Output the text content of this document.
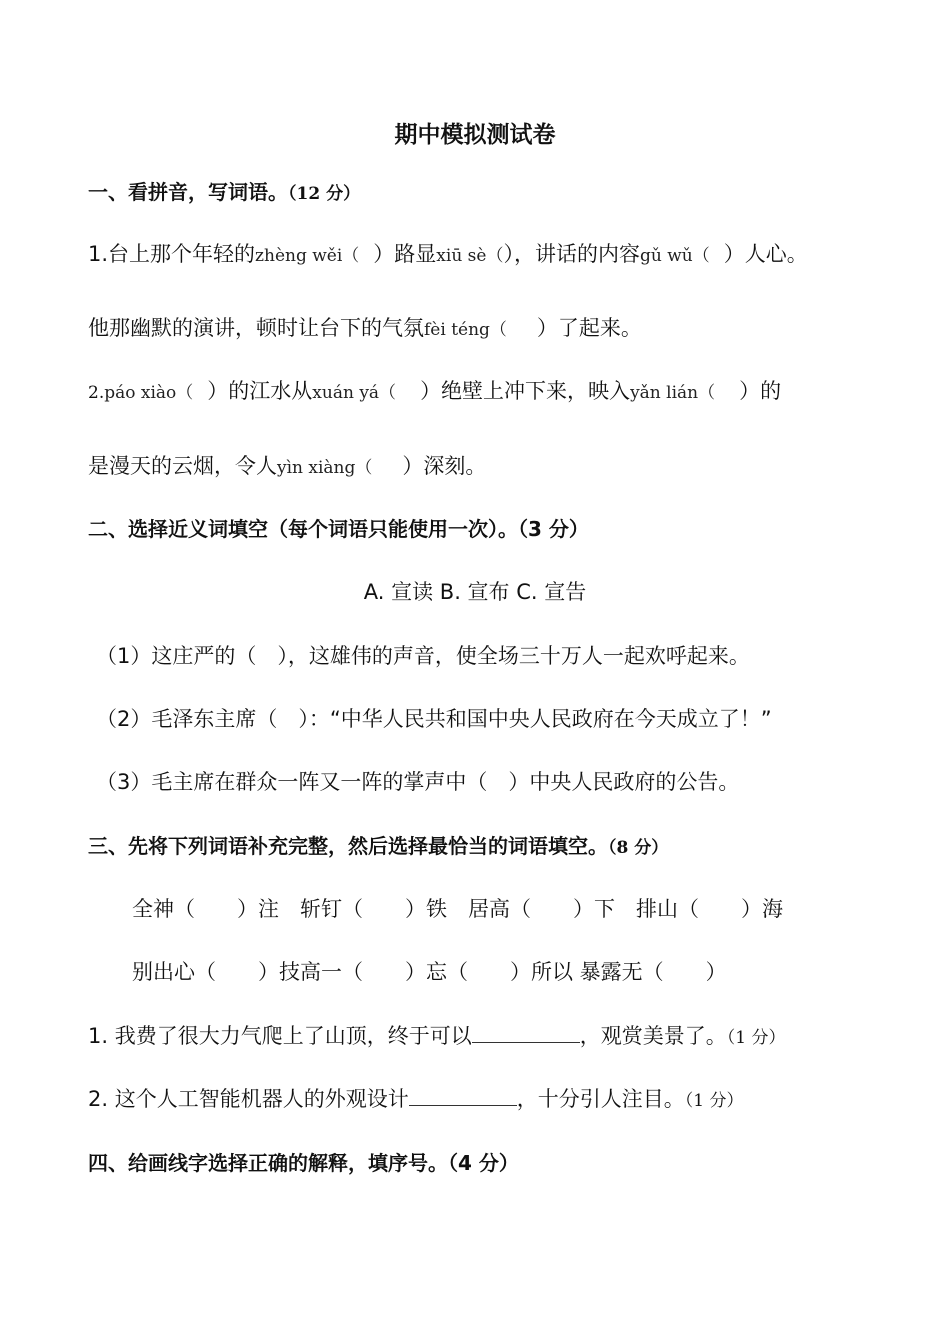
期中模拟测试卷
一、看拼音，写词语。（12 分）
1.台上那个年轻的zhèng wěi（ ）路显xiū sè（），讲话的内容gǔ wǔ（ ）人心。
他那幽默的演讲，顿时让台下的气氛fèi téng（ ）了起来。
2.páo xiào（ ）的江水从xuán yá（ ）绝壁上冲下来，映入yǎn lián（ ）的
是漫天的云烟，令人yìn xiàng（ ）深刻。
二、选择近义词填空（每个词语只能使用一次）。（3 分）
A. 宣读 B. 宣布 C. 宣告
（1）这庄严的（　），这雄伟的声音，使全场三十万人一起欢呼起来。
（2）毛泽东主席（　）：“中华人民共和国中央人民政府在今天成立了！”
（3）毛主席在群众一阵又一阵的掌声中（　）中央人民政府的公告。
三、先将下列词语补充完整，然后选择最恰当的词语填空。（8 分）
全神（　　）注　斩钉（　　）铁　居高（　　）下　排山（　　）海
别出心（　　）技高一（　　）忘（　　）所以 暴露无（　　）
1. 我费了很大力气爬上了山顶，终于可以	，观赏美景了。（1 分）
2. 这个人工智能机器人的外观设计	，十分引人注目。（1 分）
四、给画线字选择正确的解释，填序号。（4 分）
